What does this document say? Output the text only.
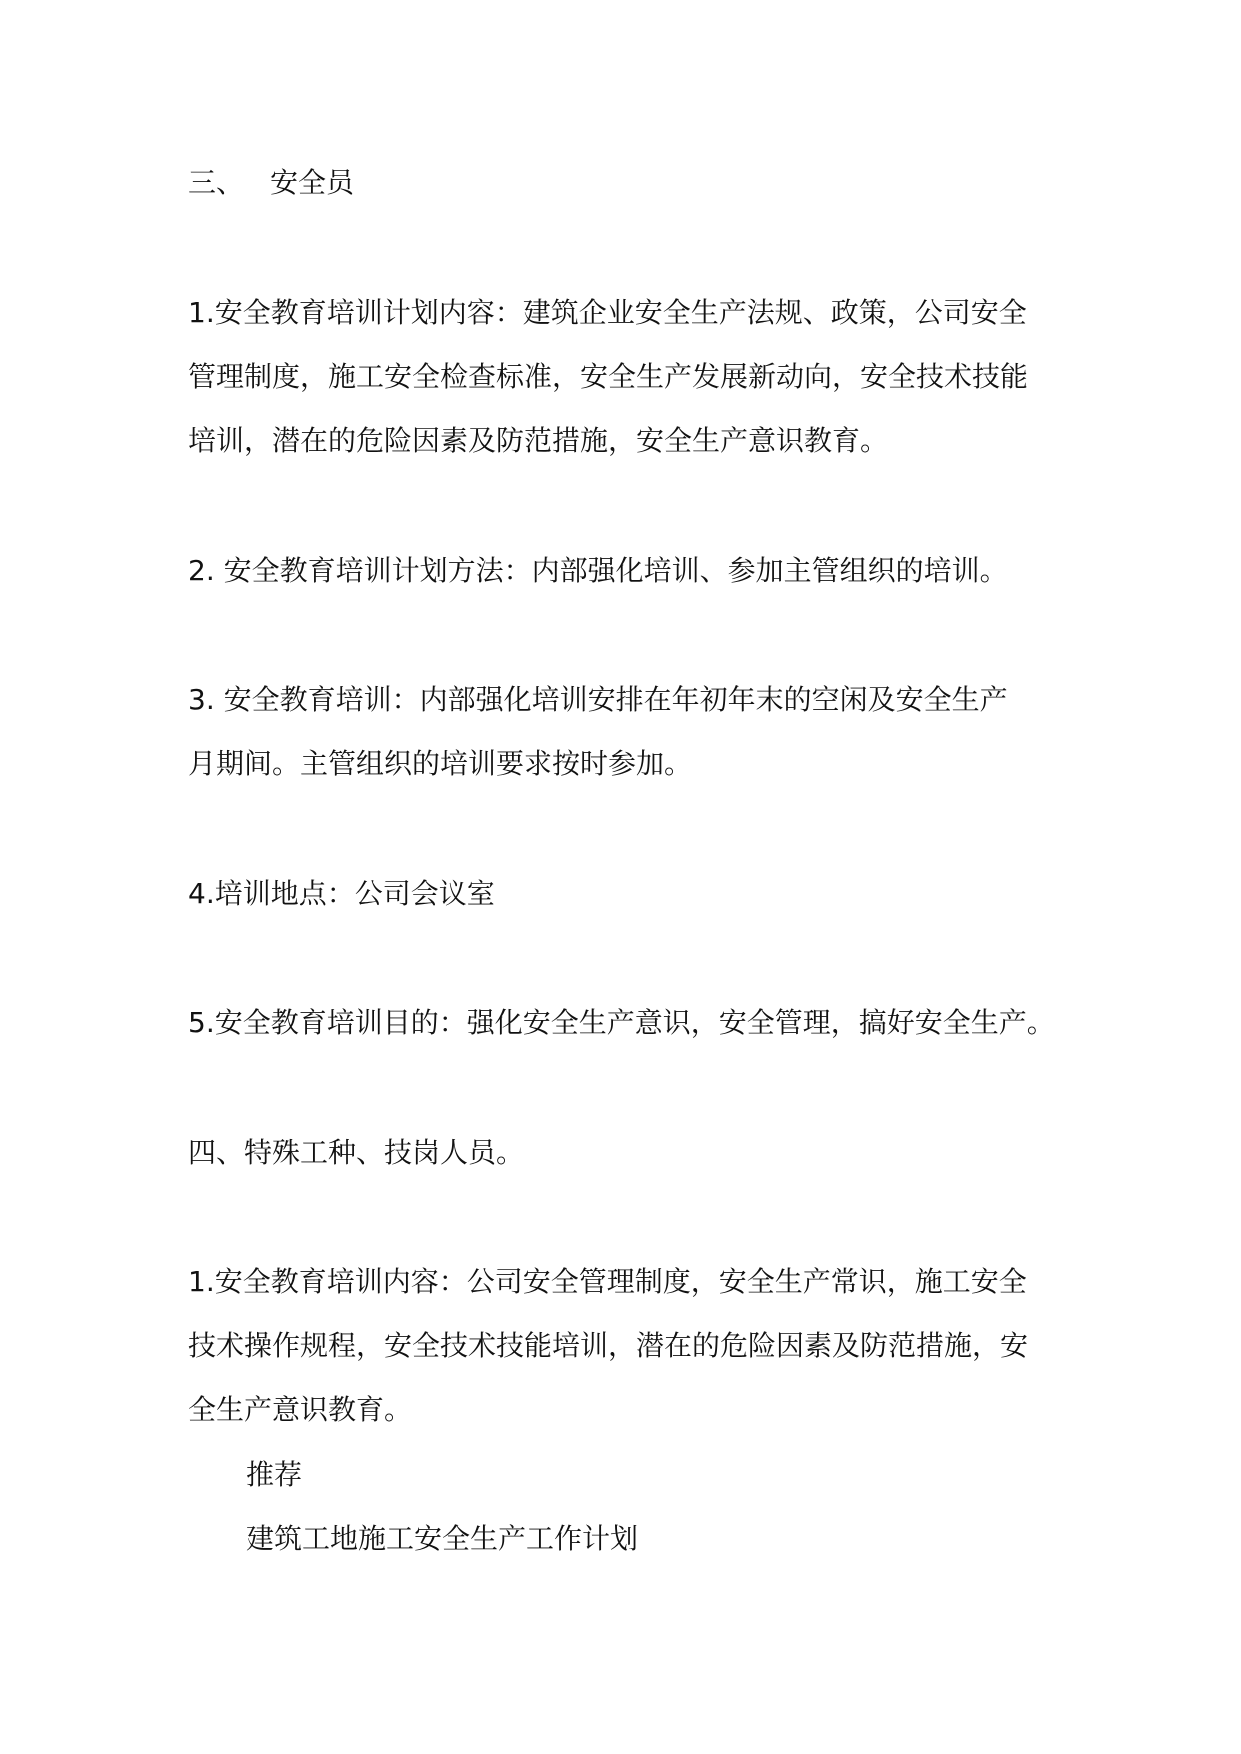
三、 安全员
1.安全教育培训计划内容：建筑企业安全生产法规、政策，公司安全
管理制度，施工安全检查标准，安全生产发展新动向，安全技术技能
培训，潜在的危险因素及防范措施，安全生产意识教育。
2. 安全教育培训计划方法：内部强化培训、参加主管组织的培训。
3. 安全教育培训：内部强化培训安排在年初年末的空闲及安全生产
月期间。主管组织的培训要求按时参加。
4.培训地点：公司会议室
5.安全教育培训目的：强化安全生产意识，安全管理，搞好安全生产。
四、特殊工种、技岗人员。
1.安全教育培训内容：公司安全管理制度，安全生产常识，施工安全
技术操作规程，安全技术技能培训，潜在的危险因素及防范措施，安
全生产意识教育。
推荐
建筑工地施工安全生产工作计划
